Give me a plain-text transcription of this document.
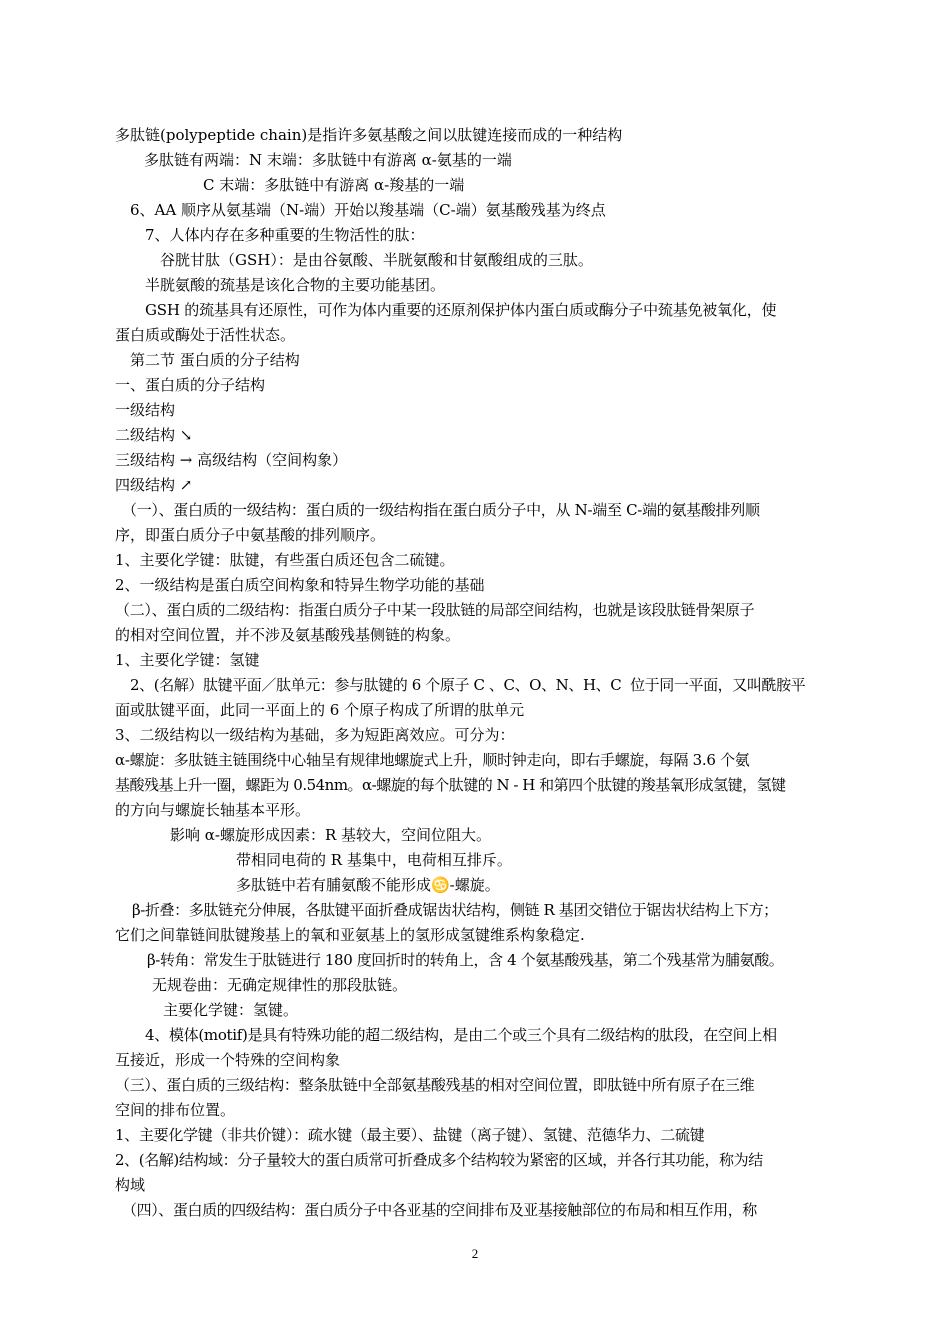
多肽链(polypeptide chain)是指许多氨基酸之间以肽键连接而成的一种结构
多肽链有两端：N 末端：多肽链中有游离 α-氨基的一端
C 末端：多肽链中有游离 α-羧基的一端
6、AA 顺序从氨基端（N-端）开始以羧基端（C-端）氨基酸残基为终点
7、人体内存在多种重要的生物活性的肽：
谷胱甘肽（GSH）：是由谷氨酸、半胱氨酸和甘氨酸组成的三肽。
半胱氨酸的巯基是该化合物的主要功能基团。
GSH 的巯基具有还原性，可作为体内重要的还原剂保护体内蛋白质或酶分子中巯基免被氧化，使
蛋白质或酶处于活性状态。
第二节 蛋白质的分子结构
一、蛋白质的分子结构
一级结构
二级结构 ↘
三级结构 → 高级结构（空间构象）
四级结构 ↗
（一）、蛋白质的一级结构：蛋白质的一级结构指在蛋白质分子中，从 N-端至 C-端的氨基酸排列顺
序，即蛋白质分子中氨基酸的排列顺序。
1、主要化学键：肽键，有些蛋白质还包含二硫键。
2、一级结构是蛋白质空间构象和特异生物学功能的基础
（二）、蛋白质的二级结构：指蛋白质分子中某一段肽链的局部空间结构，也就是该段肽链骨架原子
的相对空间位置，并不涉及氨基酸残基侧链的构象。
1、主要化学键：氢键
2、(名解）肽键平面／肽单元：参与肽键的 6 个原子 C 、C、O、N、H、C  位于同一平面，又叫酰胺平
面或肽键平面，此同一平面上的 6 个原子构成了所谓的肽单元
3、二级结构以一级结构为基础，多为短距离效应。可分为：
α-螺旋：多肽链主链围绕中心轴呈有规律地螺旋式上升，顺时钟走向，即右手螺旋，每隔 3.6 个氨
基酸残基上升一圈，螺距为 0.54nm。α-螺旋的每个肽键的 N - H 和第四个肽键的羧基氧形成氢键，氢键
的方向与螺旋长轴基本平形。
影响 α-螺旋形成因素：R 基较大，空间位阻大。
带相同电荷的 R 基集中，电荷相互排斥。
多肽链中若有脯氨酸不能形成♋-螺旋。
β-折叠：多肽链充分伸展，各肽键平面折叠成锯齿状结构，侧链 R 基团交错位于锯齿状结构上下方；
它们之间靠链间肽键羧基上的氧和亚氨基上的氢形成氢键维系构象稳定.
β-转角：常发生于肽链进行 180 度回折时的转角上，含 4 个氨基酸残基，第二个残基常为脯氨酸。
无规卷曲：无确定规律性的那段肽链。
主要化学键：氢键。
4、模体(motif)是具有特殊功能的超二级结构，是由二个或三个具有二级结构的肽段，在空间上相
互接近，形成一个特殊的空间构象
（三）、蛋白质的三级结构：整条肽链中全部氨基酸残基的相对空间位置，即肽链中所有原子在三维
空间的排布位置。
1、主要化学键（非共价键）：疏水键（最主要）、盐键（离子键）、氢键、范德华力、二硫键
2、(名解)结构域：分子量较大的蛋白质常可折叠成多个结构较为紧密的区域，并各行其功能，称为结
构域
（四）、蛋白质的四级结构：蛋白质分子中各亚基的空间排布及亚基接触部位的布局和相互作用，称
2
